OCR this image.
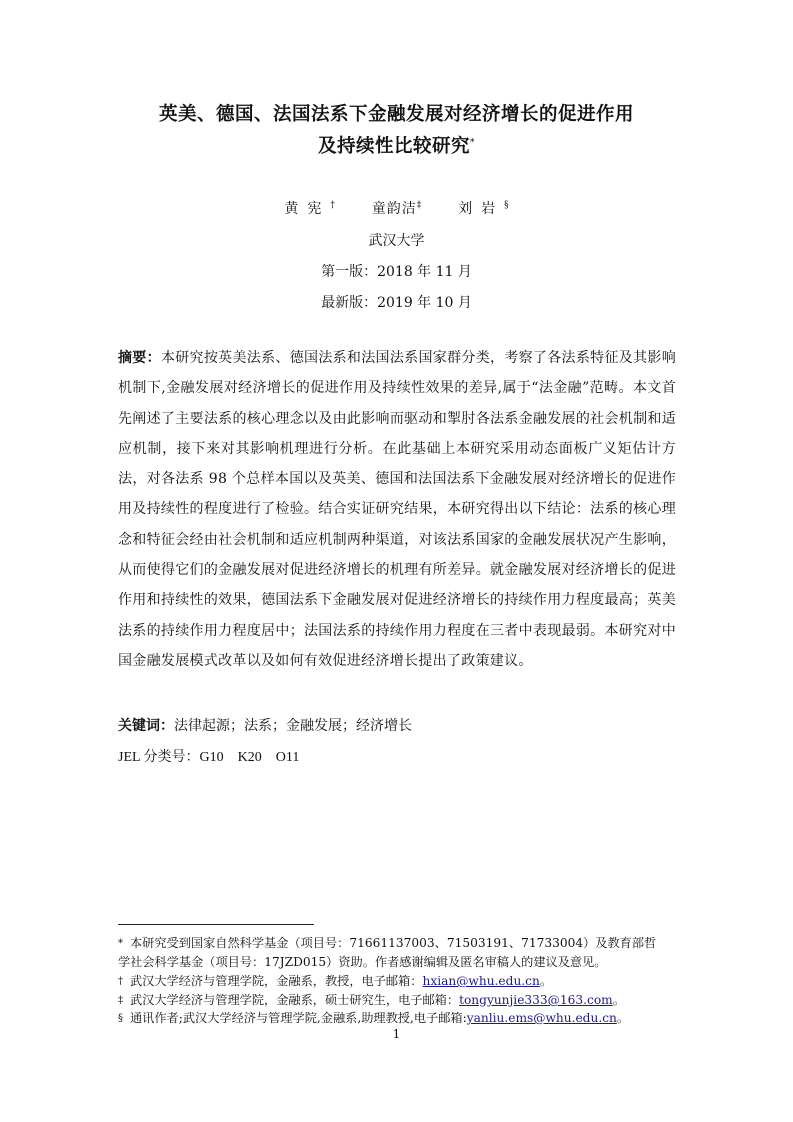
英美、德国、法国法系下金融发展对经济增长的促进作用
及持续性比较研究*
黄宪†	童韵洁‡	刘岩§
武汉大学
第一版：2018 年 11 月
最新版：2019 年 10 月
摘要：本研究按英美法系、德国法系和法国法系国家群分类，考察了各法系特征及其影响机制下,金融发展对经济增长的促进作用及持续性效果的差异,属于“法金融”范畴。本文首先阐述了主要法系的核心理念以及由此影响而驱动和掣肘各法系金融发展的社会机制和适应机制，接下来对其影响机理进行分析。在此基础上本研究采用动态面板广义矩估计方法，对各法系 98 个总样本国以及英美、德国和法国法系下金融发展对经济增长的促进作用及持续性的程度进行了检验。结合实证研究结果，本研究得出以下结论：法系的核心理念和特征会经由社会机制和适应机制两种渠道，对该法系国家的金融发展状况产生影响，从而使得它们的金融发展对促进经济增长的机理有所差异。就金融发展对经济增长的促进作用和持续性的效果，德国法系下金融发展对促进经济增长的持续作用力程度最高；英美法系的持续作用力程度居中；法国法系的持续作用力程度在三者中表现最弱。本研究对中国金融发展模式改革以及如何有效促进经济增长提出了政策建议。
关键词：法律起源；法系；金融发展；经济增长
JEL 分类号：G10 K20 O11
* 本研究受到国家自然科学基金（项目号：71661137003、71503191、71733004）及教育部哲
学社会科学基金（项目号：17JZD015）资助。作者感谢编辑及匿名审稿人的建议及意见。
† 武汉大学经济与管理学院，金融系，教授，电子邮箱：hxian@whu.edu.cn。
‡ 武汉大学经济与管理学院，金融系，硕士研究生，电子邮箱：tongyunjie333@163.com。
§ 通讯作者;武汉大学经济与管理学院,金融系,助理教授,电子邮箱:yanliu.ems@whu.edu.cn。
1
